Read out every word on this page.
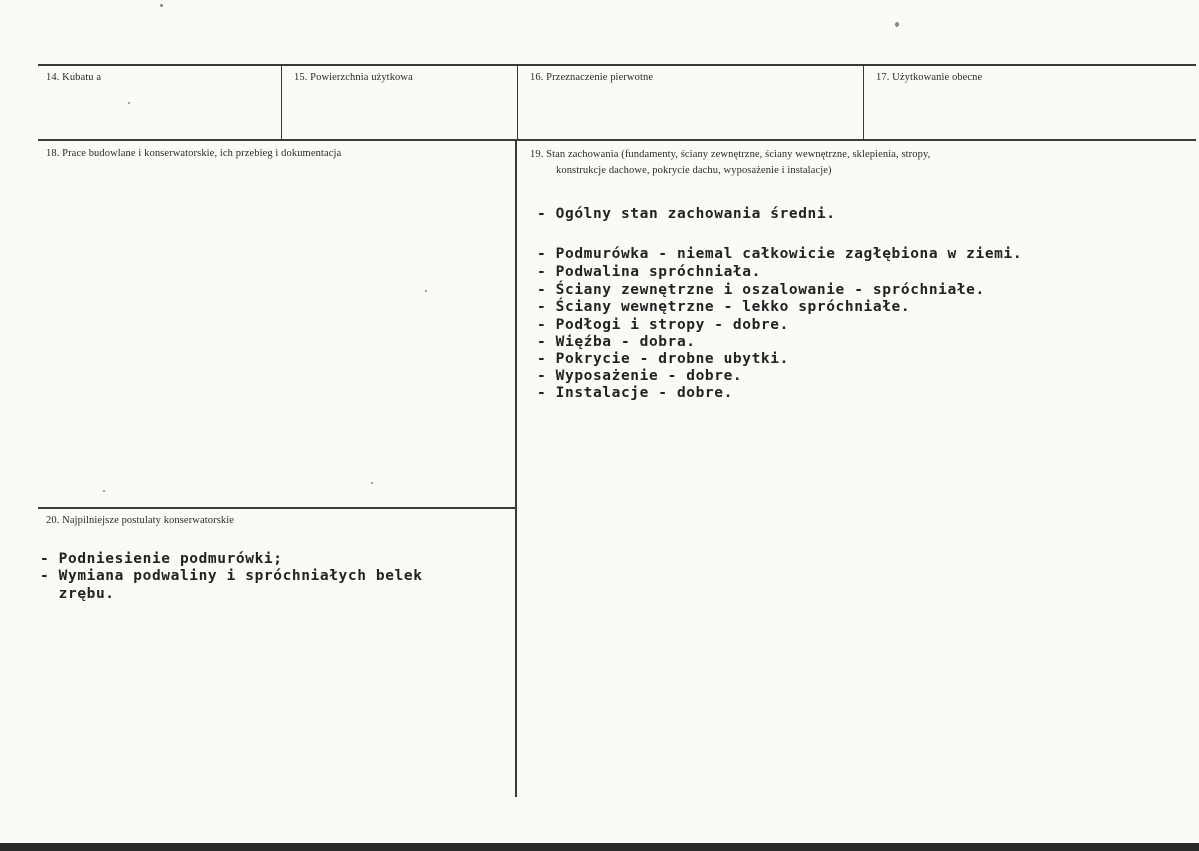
14. Kubatu a	15. Powierzchnia użytkowa	16. Przeznaczenie pierwotne	17. Użytkowanie obecne
18. Prace budowlane i konserwatorskie, ich przebieg i dokumentacja	19. Stan zachowania (fundamenty, ściany zewnętrzne, ściany wewnętrzne, sklepienia, stropy,
konstrukcje dachowe, pokrycie dachu, wyposażenie i instalacje)
- Ogólny stan zachowania średni.
- Podmurówka - niemal całkowicie zagłębiona w ziemi.
- Podwalina spróchniała.
- Ściany zewnętrzne i oszalowanie - spróchniałe.
- Ściany wewnętrzne - lekko spróchniałe.
- Podłogi i stropy - dobre.
- Więźba - dobra.
- Pokrycie - drobne ubytki.
- Wyposażenie - dobre.
- Instalacje - dobre.
20. Najpilniejsze postulaty konserwatorskie
- Podniesienie podmurówki;
- Wymiana podwaliny i spróchniałych belek
zrębu.
